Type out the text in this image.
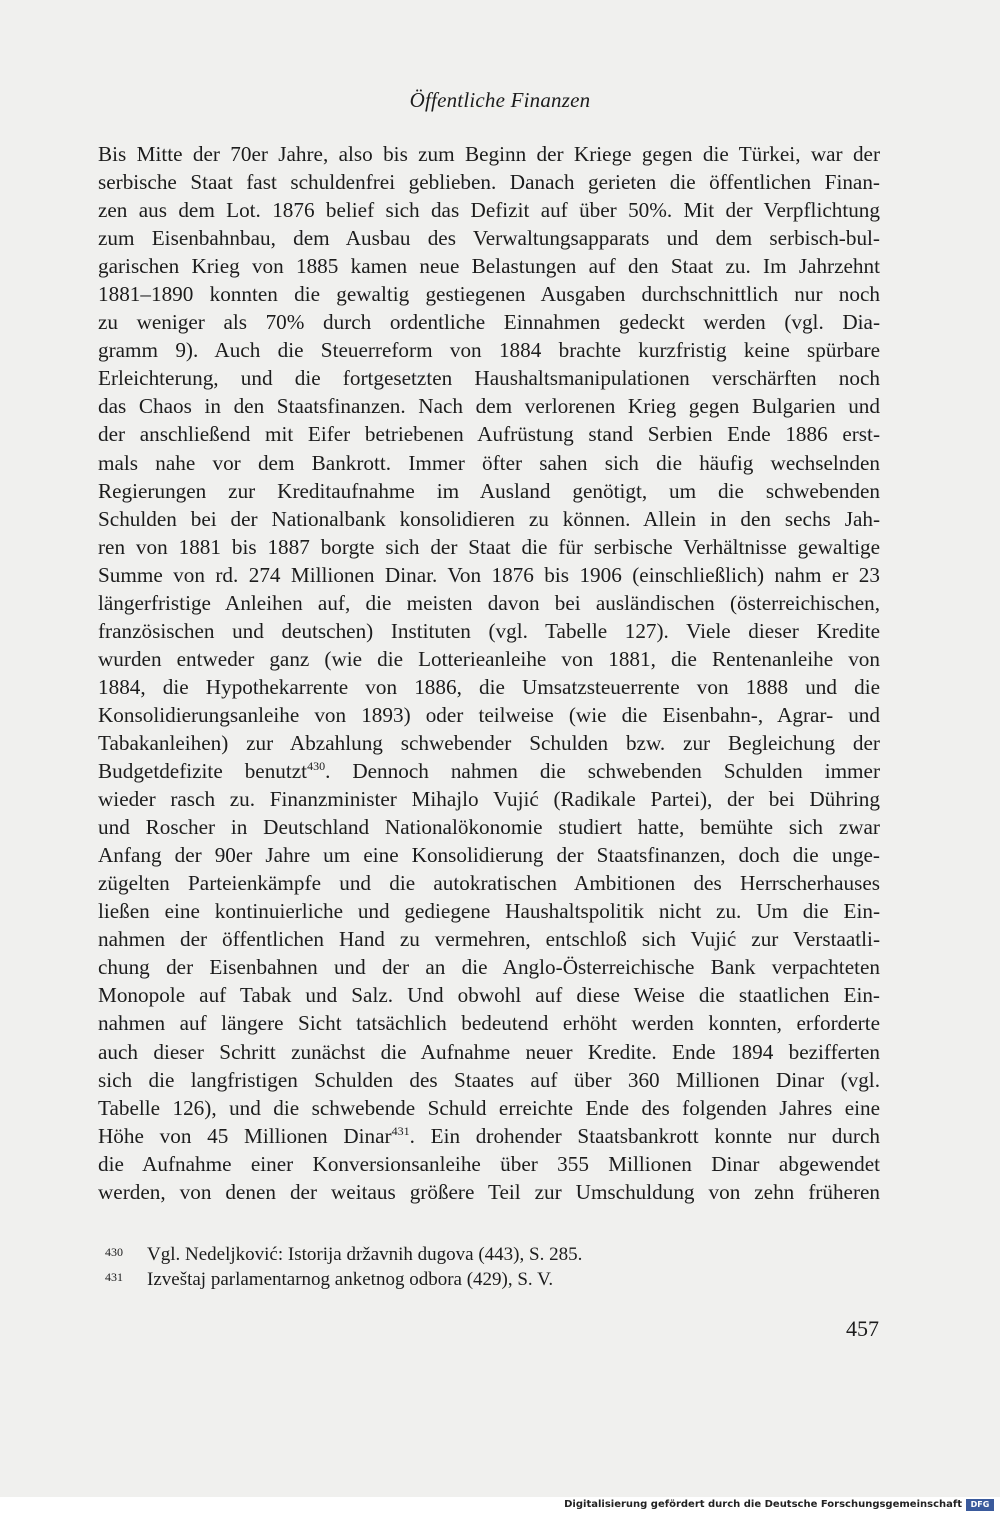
Öffentliche Finanzen
Bis Mitte der 70er Jahre, also bis zum Beginn der Kriege gegen die Türkei, war der
serbische Staat fast schuldenfrei geblieben. Danach gerieten die öffentlichen Finan-
zen aus dem Lot. 1876 belief sich das Defizit auf über 50%. Mit der Verpflichtung
zum Eisenbahnbau, dem Ausbau des Verwaltungsapparats und dem serbisch-bul-
garischen Krieg von 1885 kamen neue Belastungen auf den Staat zu. Im Jahrzehnt
1881–1890 konnten die gewaltig gestiegenen Ausgaben durchschnittlich nur noch
zu weniger als 70% durch ordentliche Einnahmen gedeckt werden (vgl. Dia-
gramm 9). Auch die Steuerreform von 1884 brachte kurzfristig keine spürbare
Erleichterung, und die fortgesetzten Haushaltsmanipulationen verschärften noch
das Chaos in den Staatsfinanzen. Nach dem verlorenen Krieg gegen Bulgarien und
der anschließend mit Eifer betriebenen Aufrüstung stand Serbien Ende 1886 erst-
mals nahe vor dem Bankrott. Immer öfter sahen sich die häufig wechselnden
Regierungen zur Kreditaufnahme im Ausland genötigt, um die schwebenden
Schulden bei der Nationalbank konsolidieren zu können. Allein in den sechs Jah-
ren von 1881 bis 1887 borgte sich der Staat die für serbische Verhältnisse gewaltige
Summe von rd. 274 Millionen Dinar. Von 1876 bis 1906 (einschließlich) nahm er 23
längerfristige Anleihen auf, die meisten davon bei ausländischen (österreichischen,
französischen und deutschen) Instituten (vgl. Tabelle 127). Viele dieser Kredite
wurden entweder ganz (wie die Lotterieanleihe von 1881, die Rentenanleihe von
1884, die Hypothekarrente von 1886, die Umsatzsteuerrente von 1888 und die
Konsolidierungsanleihe von 1893) oder teilweise (wie die Eisenbahn-, Agrar- und
Tabakanleihen) zur Abzahlung schwebender Schulden bzw. zur Begleichung der
Budgetdefizite benutzt$^{430}$. Dennoch nahmen die schwebenden Schulden immer
wieder rasch zu. Finanzminister Mihajlo Vujić (Radikale Partei), der bei Dühring
und Roscher in Deutschland Nationalökonomie studiert hatte, bemühte sich zwar
Anfang der 90er Jahre um eine Konsolidierung der Staatsfinanzen, doch die unge-
zügelten Parteienkämpfe und die autokratischen Ambitionen des Herrscherhauses
ließen eine kontinuierliche und gediegene Haushaltspolitik nicht zu. Um die Ein-
nahmen der öffentlichen Hand zu vermehren, entschloß sich Vujić zur Verstaatli-
chung der Eisenbahnen und der an die Anglo-Österreichische Bank verpachteten
Monopole auf Tabak und Salz. Und obwohl auf diese Weise die staatlichen Ein-
nahmen auf längere Sicht tatsächlich bedeutend erhöht werden konnten, erforderte
auch dieser Schritt zunächst die Aufnahme neuer Kredite. Ende 1894 bezifferten
sich die langfristigen Schulden des Staates auf über 360 Millionen Dinar (vgl.
Tabelle 126), und die schwebende Schuld erreichte Ende des folgenden Jahres eine
Höhe von 45 Millionen Dinar$^{431}$. Ein drohender Staatsbankrott konnte nur durch
die Aufnahme einer Konversionsanleihe über 355 Millionen Dinar abgewendet
werden, von denen der weitaus größere Teil zur Umschuldung von zehn früheren
430 Vgl. Nedeljković: Istorija državnih dugova (443), S. 285.
431 Izveštaj parlamentarnog anketnog odbora (429), S. V.
457
Digitalisierung gefördert durch die Deutsche Forschungsgemeinschaft	DFG
